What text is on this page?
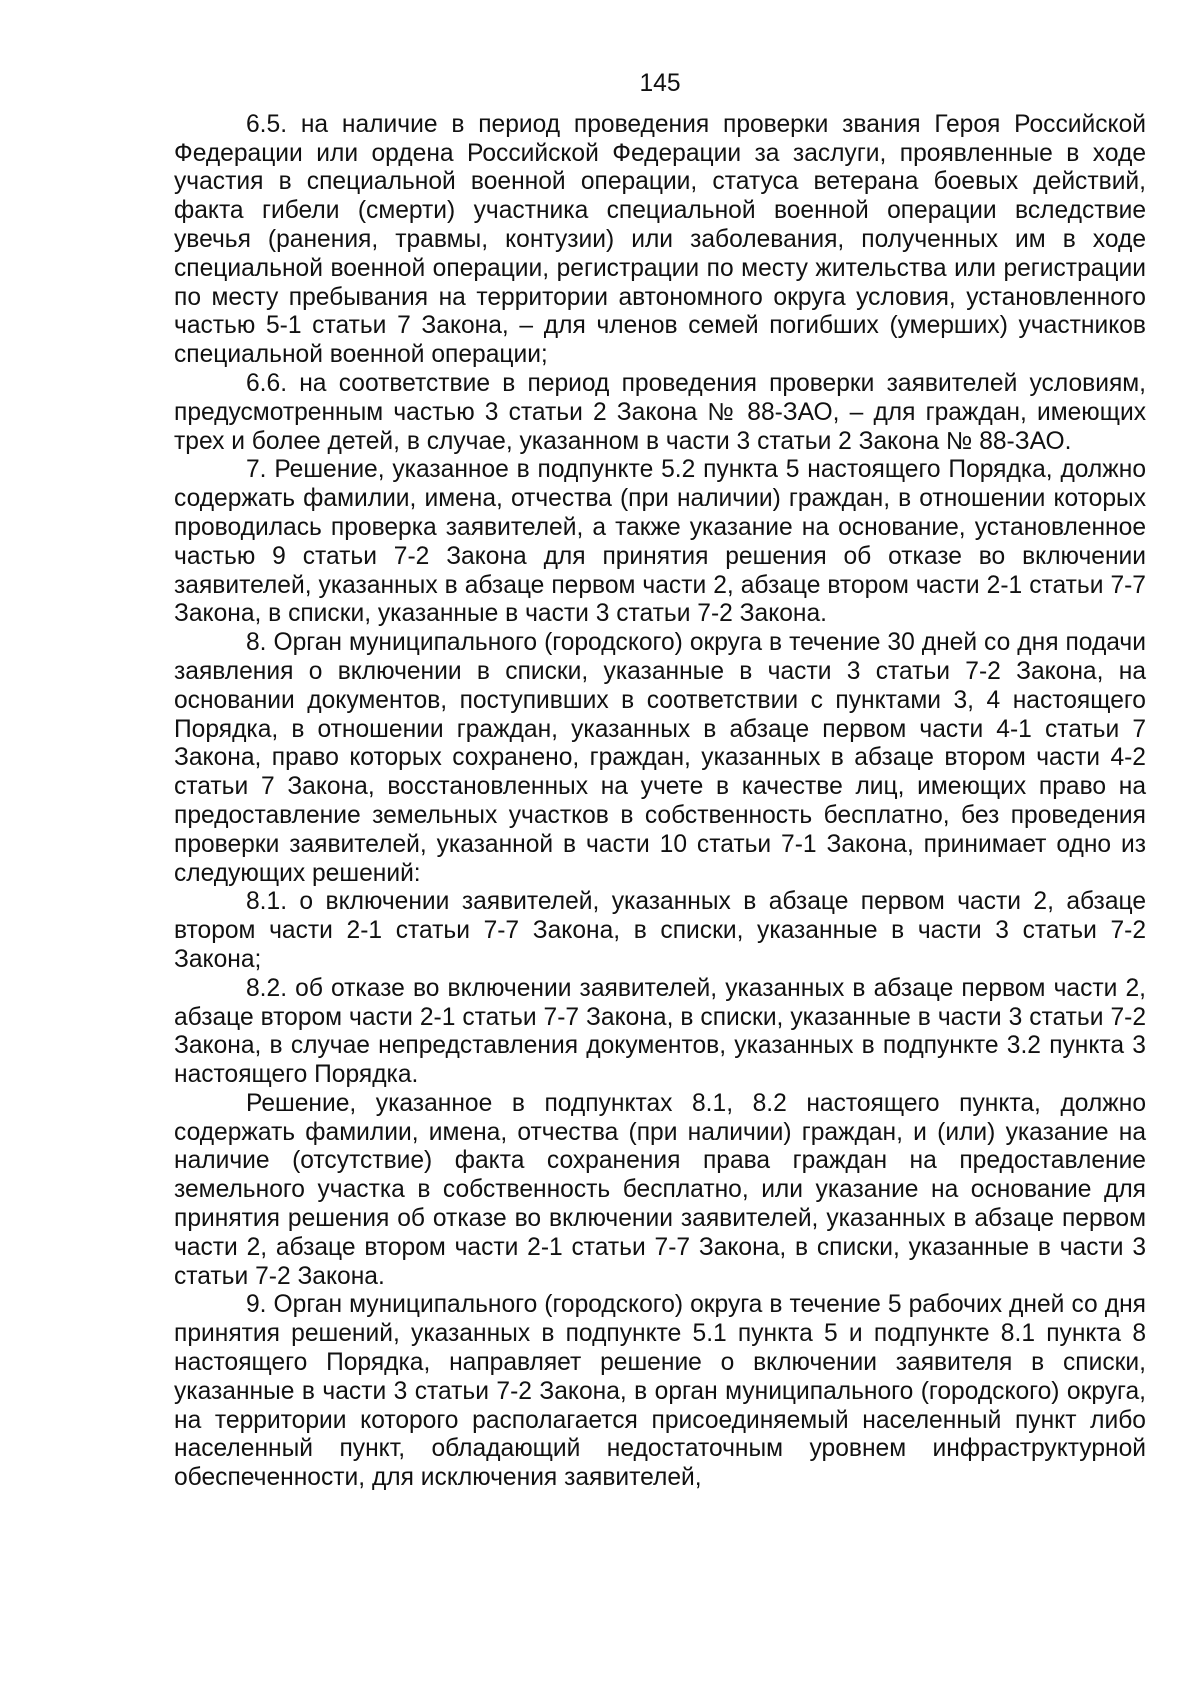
145

6.5. на наличие в период проведения проверки звания Героя Российской Федерации или ордена Российской Федерации за заслуги, проявленные в ходе участия в специальной военной операции, статуса ветерана боевых действий, факта гибели (смерти) участника специальной военной операции вследствие увечья (ранения, травмы, контузии) или заболевания, полученных им в ходе специальной военной операции, регистрации по месту жительства или регистрации по месту пребывания на территории автономного округа условия, установленного частью 5-1 статьи 7 Закона, – для членов семей погибших (умерших) участников специальной военной операции;

6.6. на соответствие в период проведения проверки заявителей условиям, предусмотренным частью 3 статьи 2 Закона № 88-ЗАО, – для граждан, имеющих трех и более детей, в случае, указанном в части 3 статьи 2 Закона № 88-ЗАО.

7. Решение, указанное в подпункте 5.2 пункта 5 настоящего Порядка, должно содержать фамилии, имена, отчества (при наличии) граждан, в отношении которых проводилась проверка заявителей, а также указание на основание, установленное частью 9 статьи 7-2 Закона для принятия решения об отказе во включении заявителей, указанных в абзаце первом части 2, абзаце втором части 2-1 статьи 7-7 Закона, в списки, указанные в части 3 статьи 7-2 Закона.

8. Орган муниципального (городского) округа в течение 30 дней со дня подачи заявления о включении в списки, указанные в части 3 статьи 7-2 Закона, на основании документов, поступивших в соответствии с пунктами 3, 4 настоящего Порядка, в отношении граждан, указанных в абзаце первом части 4-1 статьи 7 Закона, право которых сохранено, граждан, указанных в абзаце втором части 4-2 статьи 7 Закона, восстановленных на учете в качестве лиц, имеющих право на предоставление земельных участков в собственность бесплатно, без проведения проверки заявителей, указанной в части 10 статьи 7-1 Закона, принимает одно из следующих решений:

8.1. о включении заявителей, указанных в абзаце первом части 2, абзаце втором части 2-1 статьи 7-7 Закона, в списки, указанные в части 3 статьи 7-2 Закона;

8.2. об отказе во включении заявителей, указанных в абзаце первом части 2, абзаце втором части 2-1 статьи 7-7 Закона, в списки, указанные в части 3 статьи 7-2 Закона, в случае непредставления документов, указанных в подпункте 3.2 пункта 3 настоящего Порядка.

Решение, указанное в подпунктах 8.1, 8.2 настоящего пункта, должно содержать фамилии, имена, отчества (при наличии) граждан, и (или) указание на наличие (отсутствие) факта сохранения права граждан на предоставление земельного участка в собственность бесплатно, или указание на основание для принятия решения об отказе во включении заявителей, указанных в абзаце первом части 2, абзаце втором части 2-1 статьи 7-7 Закона, в списки, указанные в части 3 статьи 7-2 Закона.

9. Орган муниципального (городского) округа в течение 5 рабочих дней со дня принятия решений, указанных в подпункте 5.1 пункта 5 и подпункте 8.1 пункта 8 настоящего Порядка, направляет решение о включении заявителя в списки, указанные в части 3 статьи 7-2 Закона, в орган муниципального (городского) округа, на территории которого располагается присоединяемый населенный пункт либо населенный пункт, обладающий недостаточным уровнем инфраструктурной обеспеченности, для исключения заявителей,
